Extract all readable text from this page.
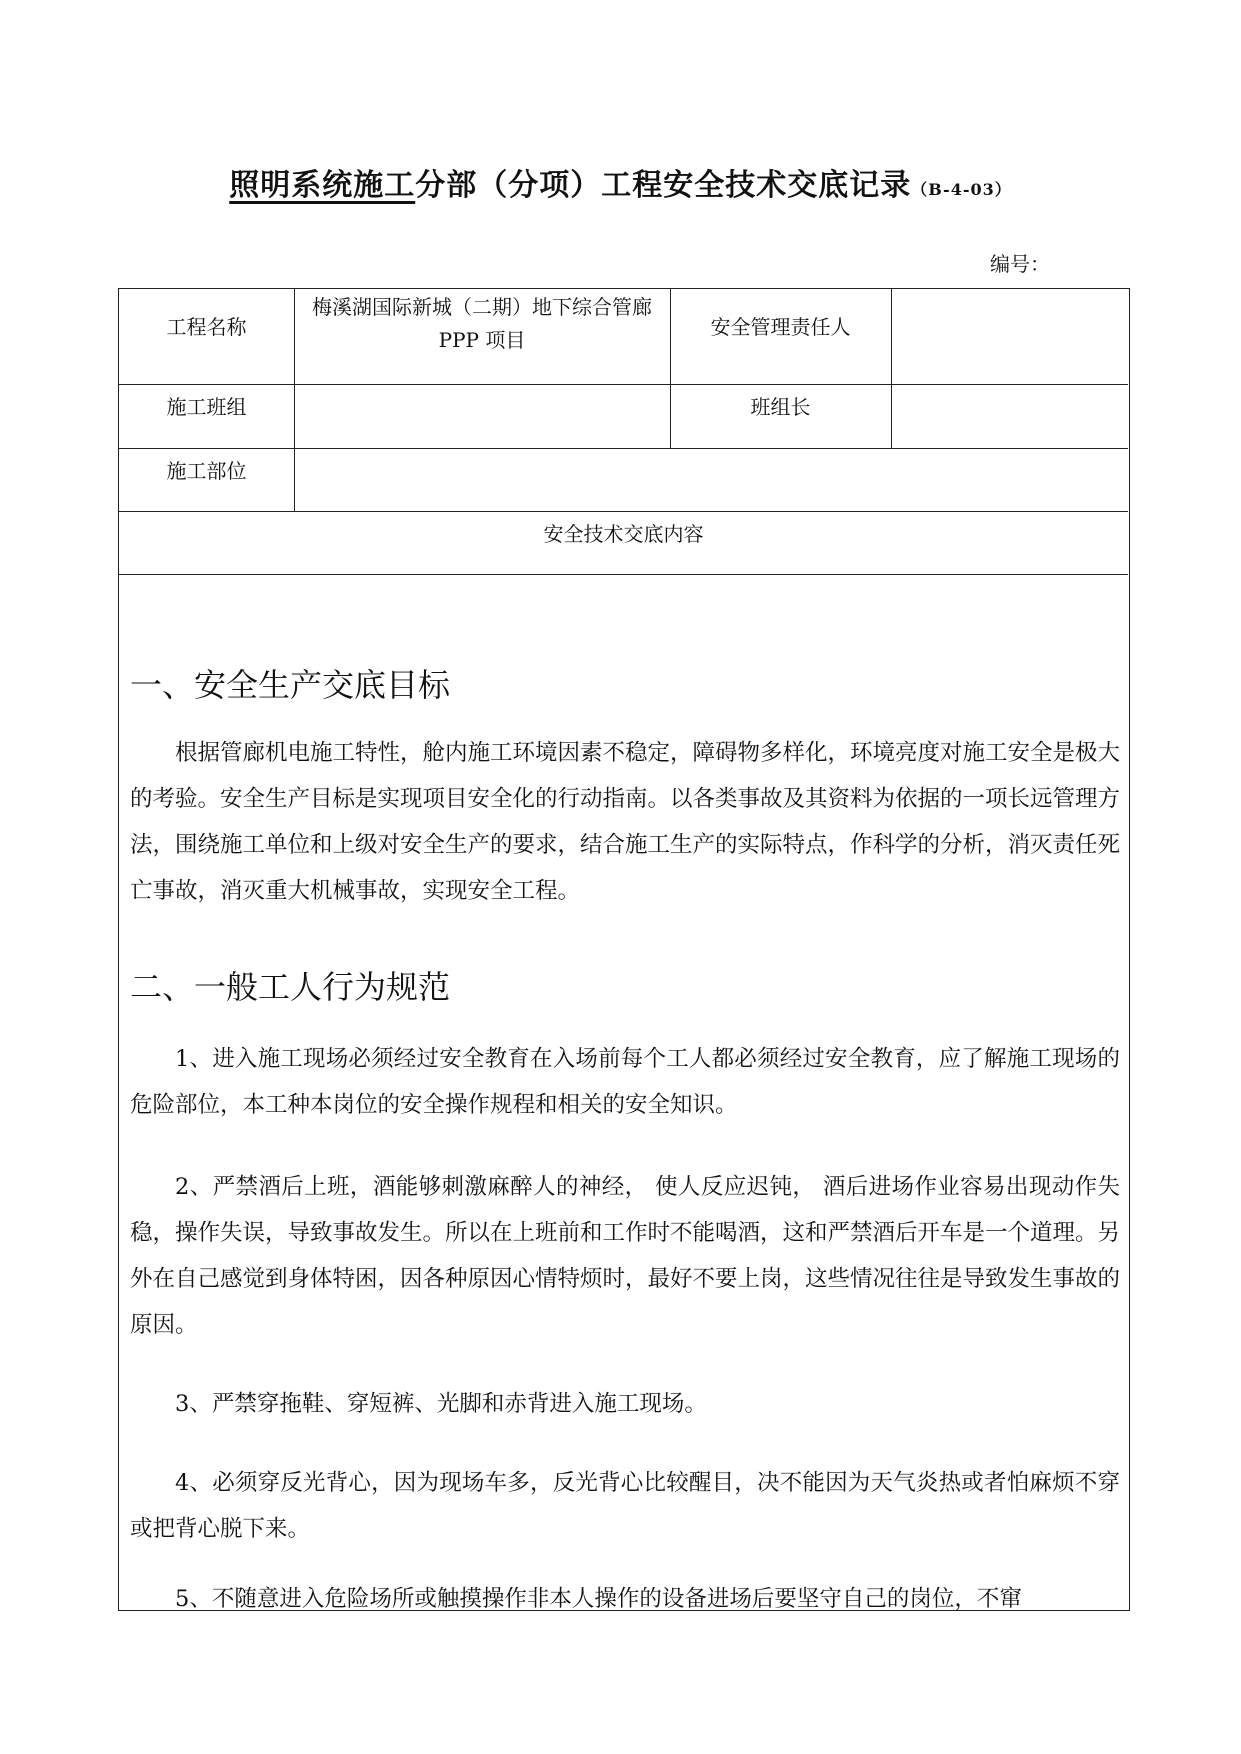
照明系统施工分部（分项）工程安全技术交底记录（B-4-03）
编号：
工程名称
梅溪湖国际新城（二期）地下综合管廊PPP 项目
安全管理责任人
施工班组	班组长
施工部位
安全技术交底内容
一、安全生产交底目标

根据管廊机电施工特性，舱内施工环境因素不稳定，障碍物多样化，环境亮度对施工安全是极大的考验。安全生产目标是实现项目安全化的行动指南。以各类事故及其资料为依据的一项长远管理方法，围绕施工单位和上级对安全生产的要求，结合施工生产的实际特点，作科学的分析，消灭责任死亡事故，消灭重大机械事故，实现安全工程。

二、一般工人行为规范

1、进入施工现场必须经过安全教育在入场前每个工人都必须经过安全教育，应了解施工现场的危险部位，本工种本岗位的安全操作规程和相关的安全知识。

2、严禁酒后上班，酒能够刺激麻醉人的神经， 使人反应迟钝， 酒后进场作业容易出现动作失稳，操作失误，导致事故发生。所以在上班前和工作时不能喝酒，这和严禁酒后开车是一个道理。另外在自己感觉到身体特困，因各种原因心情特烦时，最好不要上岗，这些情况往往是导致发生事故的原因。

3、严禁穿拖鞋、穿短裤、光脚和赤背进入施工现场。

4、必须穿反光背心，因为现场车多，反光背心比较醒目，决不能因为天气炎热或者怕麻烦不穿或把背心脱下来。

5、不随意进入危险场所或触摸操作非本人操作的设备进场后要坚守自己的岗位，不窜
